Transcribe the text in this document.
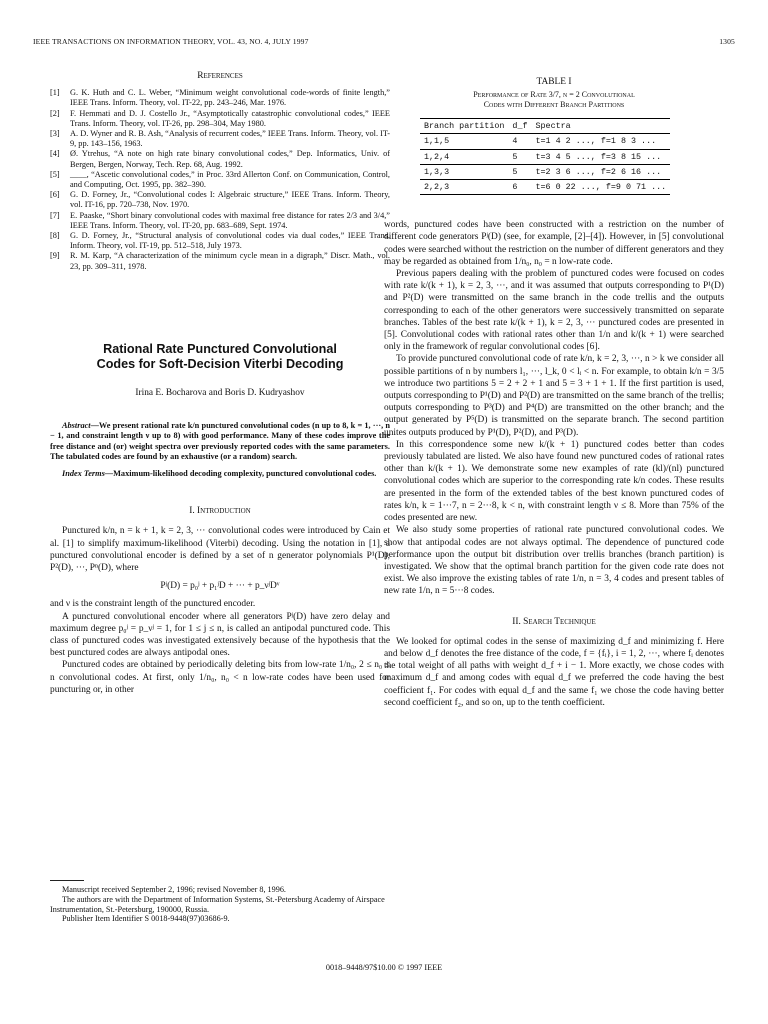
IEEE TRANSACTIONS ON INFORMATION THEORY, VOL. 43, NO. 4, JULY 1997	1305
References
[1] G. K. Huth and C. L. Weber, “Minimum weight convolutional code-words of finite length,” IEEE Trans. Inform. Theory, vol. IT-22, pp. 243–246, Mar. 1976.
[2] F. Hemmati and D. J. Costello Jr., “Asymptotically catastrophic convolutional codes,” IEEE Trans. Inform. Theory, vol. IT-26, pp. 298–304, May 1980.
[3] A. D. Wyner and R. B. Ash, “Analysis of recurrent codes,” IEEE Trans. Inform. Theory, vol. IT-9, pp. 143–156, 1963.
[4] Ø. Ytrehus, “A note on high rate binary convolutional codes,” Dep. Informatics, Univ. of Bergen, Bergen, Norway, Tech. Rep. 68, Aug. 1992.
[5] ____, “Ascetic convolutional codes,” in Proc. 33rd Allerton Conf. on Communication, Control, and Computing, Oct. 1995, pp. 382–390.
[6] G. D. Forney, Jr., “Convolutional codes I: Algebraic structure,” IEEE Trans. Inform. Theory, vol. IT-16, pp. 720–738, Nov. 1970.
[7] E. Paaske, “Short binary convolutional codes with maximal free distance for rates 2/3 and 3/4,” IEEE Trans. Inform. Theory, vol. IT-20, pp. 683–689, Sept. 1974.
[8] G. D. Forney, Jr., “Structural analysis of convolutional codes via dual codes,” IEEE Trans. Inform. Theory, vol. IT-19, pp. 512–518, July 1973.
[9] R. M. Karp, “A characterization of the minimum cycle mean in a digraph,” Discr. Math., vol. 23, pp. 309–311, 1978.
Rational Rate Punctured Convolutional
Codes for Soft-Decision Viterbi Decoding
Irina E. Bocharova and Boris D. Kudryashov
Abstract—We present rational rate k/n punctured convolutional codes (n up to 8, k = 1, ···, n − 1, and constraint length ν up to 8) with good performance. Many of these codes improve the free distance and (or) weight spectra over previously reported codes with the same parameters. The tabulated codes are found by an exhaustive (or a random) search.
Index Terms—Maximum-likelihood decoding complexity, punctured convolutional codes.
I. Introduction

Punctured k/n, n = k + 1, k = 2, 3, ··· convolutional codes were introduced by Cain et al. [1] to simplify maximum-likelihood (Viterbi) decoding. Using the notation in [1], a punctured convolutional encoder is defined by a set of n generator polynomials P¹(D), P²(D), ···, Pⁿ(D), where

Pʲ(D) = p₀ʲ + p₁ʲD + ··· + p_νʲDᵛ

and ν is the constraint length of the punctured encoder.

A punctured convolutional encoder where all generators Pʲ(D) have zero delay and maximum degree p₀ʲ = p_νʲ = 1, for 1 ≤ j ≤ n, is called an antipodal punctured code. This class of punctured codes was investigated extensively because of the hypothesis that the best punctured codes are always antipodal ones.

Punctured codes are obtained by periodically deleting bits from low-rate 1/n₀, 2 ≤ n₀ ≤ n convolutional codes. At first, only 1/n₀, n₀ < n low-rate codes have been used for puncturing or, in other

Manuscript received September 2, 1996; revised November 8, 1996.

The authors are with the Department of Information Systems, St.-Petersburg Academy of Airspace Instrumentation, St.-Petersburg, 190000, Russia.

Publisher Item Identifier S 0018-9448(97)03686-9.

TABLE I
Performance of Rate 3/7, ν = 2 Convolutional
Codes with Different Branch Partitions
Branch partition	d_f	Spectra
1,1,5	4	t=1 4 2 ..., f=1 8 3 ...
1,2,4	5	t=3 4 5 ..., f=3 8 15 ...
1,3,3	5	t=2 3 6 ..., f=2 6 16 ...
2,2,3	6	t=6 0 22 ..., f=9 0 71 ...

words, punctured codes have been constructed with a restriction on the number of different code generators Pʲ(D) (see, for example, [2]–[4]). However, in [5] convolutional codes were searched without the restriction on the number of different generators and they may be regarded as obtained from 1/n₀, n₀ = n low-rate code.

Previous papers dealing with the problem of punctured codes were focused on codes with rate k/(k + 1), k = 2, 3, ···, and it was assumed that outputs corresponding to P¹(D) and P²(D) were transmitted on the same branch in the code trellis and the outputs corresponding to each of the other generators were successively transmitted on separate branches. Tables of the best rate k/(k + 1), k = 2, 3, ··· punctured codes are presented in [5]. Convolutional codes with rational rates other than 1/n and k/(k + 1) were searched only in the framework of regular convolutional codes [6].

To provide punctured convolutional code of rate k/n, k = 2, 3, ···, n > k we consider all possible partitions of n by numbers l₁, ···, l_k, 0 < lᵢ < n. For example, to obtain k/n = 3/5 we introduce two partitions 5 = 2 + 2 + 1 and 5 = 3 + 1 + 1. If the first partition is used, outputs corresponding to P¹(D) and P²(D) are transmitted on the same branch of the trellis; outputs corresponding to P³(D) and P⁴(D) are transmitted on the other branch; and the output generated by P⁵(D) is transmitted on the separate branch. The second partition unites outputs produced by P¹(D), P²(D), and P³(D).

In this correspondence some new k/(k + 1) punctured codes better than codes previously tabulated are listed. We also have found new punctured codes of rational rates other than k/(k + 1). We demonstrate some new examples of rate (kl)/(nl) punctured convolutional codes which are superior to the corresponding rate k/n codes. These results are presented in the form of the extended tables of the best known punctured codes of rates k/n, k = 1···7, n = 2···8, k < n, with constraint length ν ≤ 8. More than 75% of the codes presented are new.

We also study some properties of rational rate punctured convolutional codes. We show that antipodal codes are not always optimal. The dependence of punctured code performance upon the output bit distribution over trellis branches (branch partition) is investigated. We show that the optimal branch partition for the given code rate does not exist. We also improve the existing tables of rate 1/n, n = 3, 4 codes and present tables of new rate 1/n, n = 5···8 codes.

II. Search Technique

We looked for optimal codes in the sense of maximizing d_f and minimizing f. Here and below d_f denotes the free distance of the code, f = {fᵢ}, i = 1, 2, ···, where fᵢ denotes the total weight of all paths with weight d_f + i − 1. More exactly, we chose codes with maximum d_f and among codes with equal d_f we preferred the code having the best coefficient f₁. For codes with equal d_f and the same f₁ we chose the code having better second coefficient f₂, and so on, up to the tenth coefficient.

0018–9448/97$10.00 © 1997 IEEE
